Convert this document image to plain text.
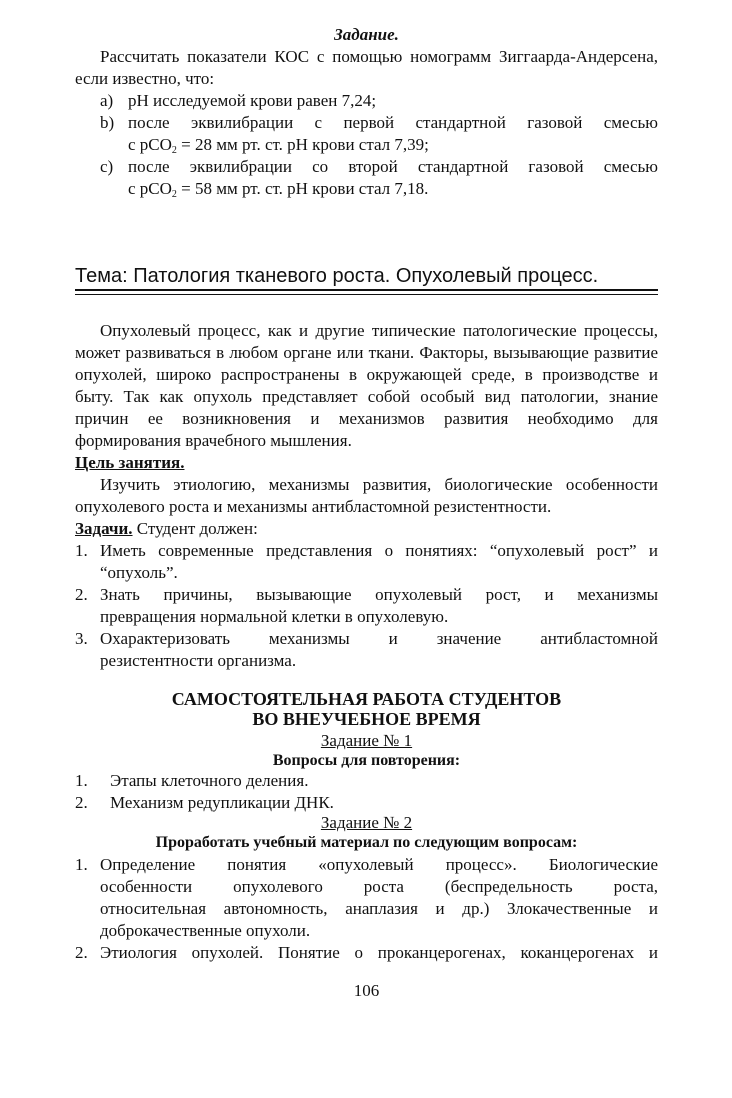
Задание.
Рассчитать показатели КОС с помощью номограмм Зиггаарда-Андерсена,
если известно, что:
a) pH исследуемой крови равен 7,24;
b) после эквилибрации с первой стандартной газовой смесью
с pCO$_2$ = 28 мм рт. ст. pH крови стал 7,39;
c) после эквилибрации со второй стандартной газовой смесью
с pCO$_2$ = 58 мм рт. ст. pH крови стал 7,18.
Тема: Патология тканевого роста. Опухолевый процесс.
Опухолевый процесс, как и другие типические патологические процессы,
может развиваться в любом органе или ткани. Факторы, вызывающие развитие
опухолей, широко распространены в окружающей среде, в производстве и
быту. Так как опухоль представляет собой особый вид патологии, знание
причин ее возникновения и механизмов развития необходимо для
формирования врачебного мышления.
Цель занятия.
Изучить этиологию, механизмы развития, биологические особенности
опухолевого роста и механизмы антибластомной резистентности.
Задачи. Студент должен:
1. Иметь современные представления о понятиях: “опухолевый рост” и
“опухоль”.
2. Знать причины, вызывающие опухолевый рост, и механизмы
превращения нормальной клетки в опухолевую.
3. Охарактеризовать механизмы и значение антибластомной
резистентности организма.
САМОСТОЯТЕЛЬНАЯ РАБОТА СТУДЕНТОВ
ВО ВНЕУЧЕБНОЕ ВРЕМЯ
Задание № 1
Вопросы для повторения:
1. Этапы клеточного деления.
2. Механизм редупликации ДНК.
Задание № 2
Проработать учебный материал по следующим вопросам:
1. Определение понятия «опухолевый процесс». Биологические
особенности опухолевого роста (беспредельность роста,
относительная автономность, анаплазия и др.) Злокачественные и
доброкачественные опухоли.
2. Этиология опухолей. Понятие о проканцерогенах, коканцерогенах и
106
